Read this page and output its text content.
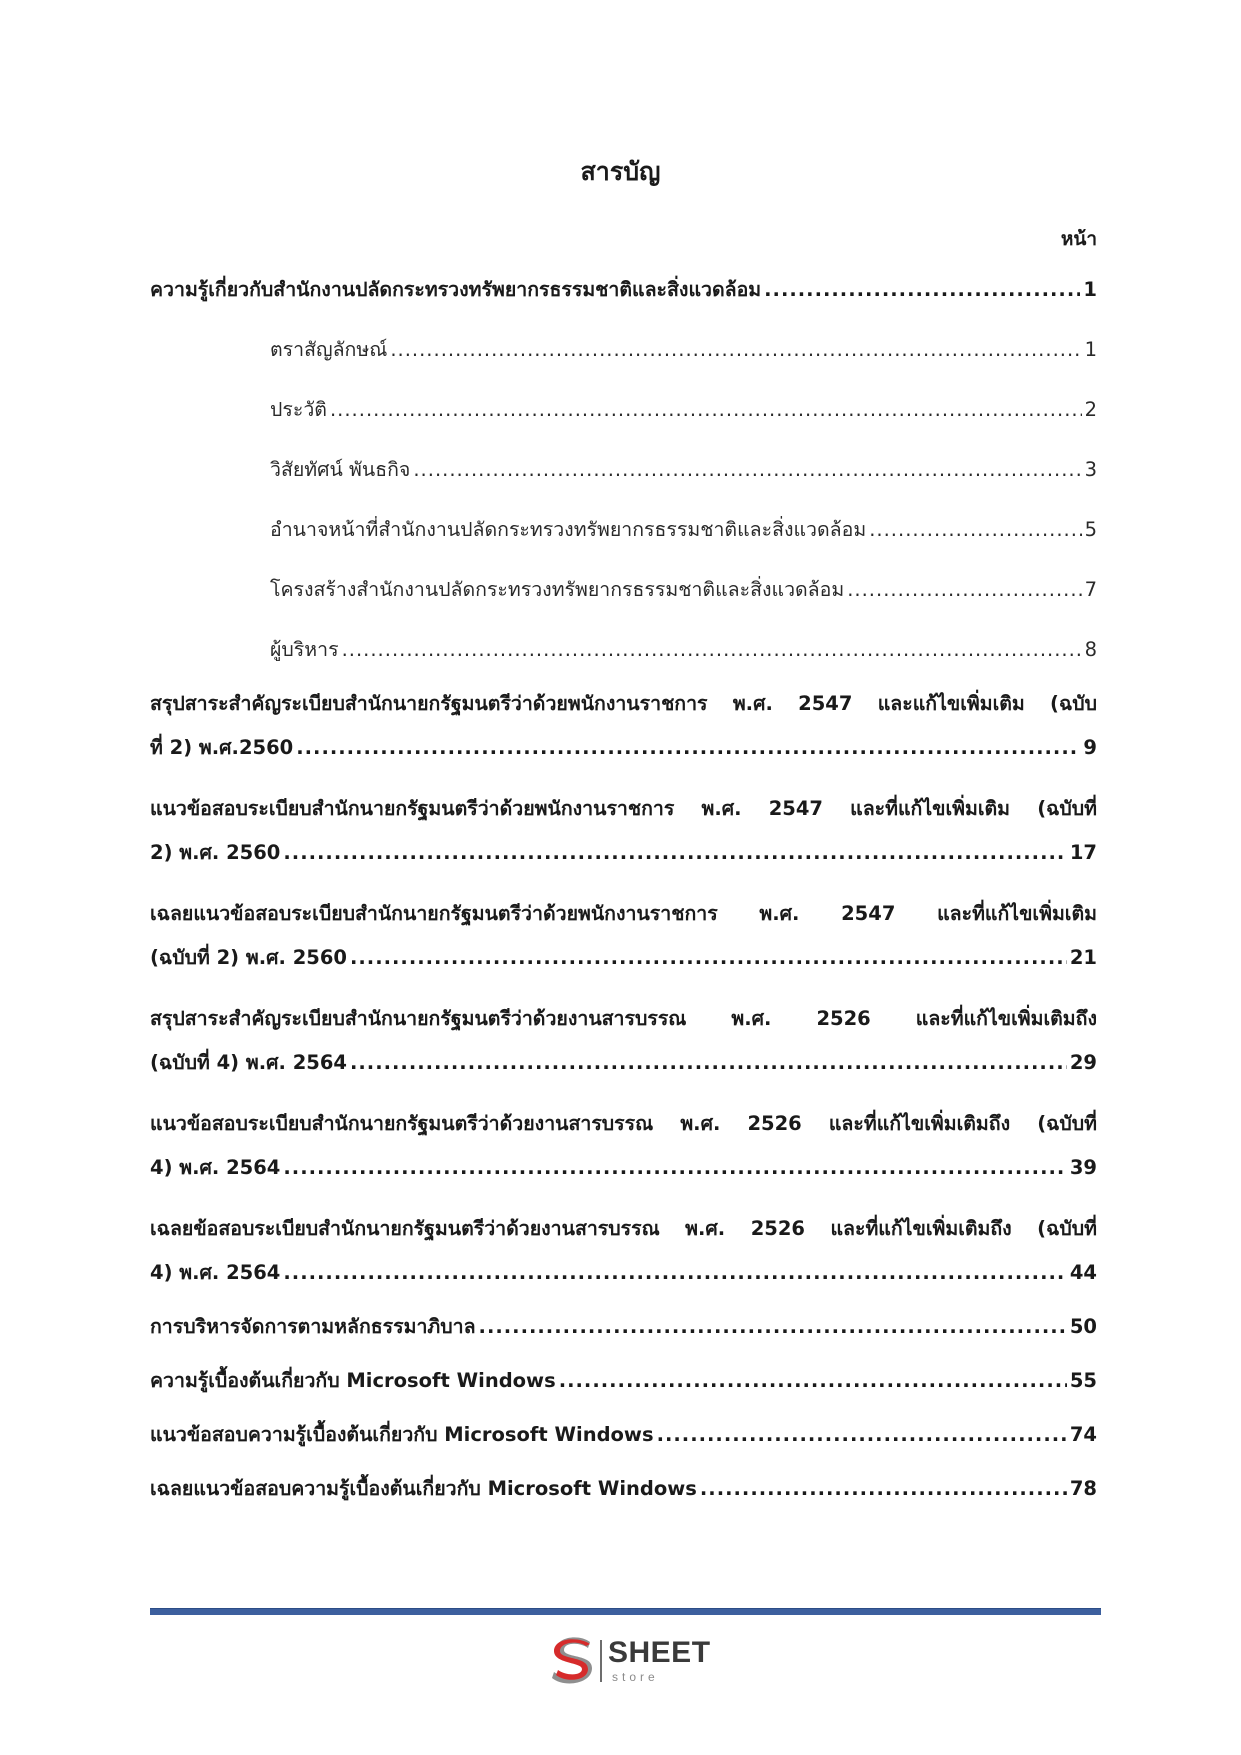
สารบัญ
หน้า
ความรู้เกี่ยวกับสำนักงานปลัดกระทรวงทรัพยากรธรรมชาติและสิ่งแวดล้อม .....	1
ตราสัญลักษณ์ .....	1
ประวัติ .....	2
วิสัยทัศน์ พันธกิจ .....	3
อำนาจหน้าที่สำนักงานปลัดกระทรวงทรัพยากรธรรมชาติและสิ่งแวดล้อม .....	5
โครงสร้างสำนักงานปลัดกระทรวงทรัพยากรธรรมชาติและสิ่งแวดล้อม .....	7
ผู้บริหาร .....	8
สรุปสาระสำคัญระเบียบสำนักนายกรัฐมนตรีว่าด้วยพนักงานราชการ พ.ศ. 2547 และแก้ไขเพิ่มเติม (ฉบับ
ที่ 2) พ.ศ.2560 .....	9
แนวข้อสอบระเบียบสำนักนายกรัฐมนตรีว่าด้วยพนักงานราชการ พ.ศ. 2547 และที่แก้ไขเพิ่มเติม (ฉบับที่
2) พ.ศ. 2560 .....	17
เฉลยแนวข้อสอบระเบียบสำนักนายกรัฐมนตรีว่าด้วยพนักงานราชการ พ.ศ. 2547 และที่แก้ไขเพิ่มเติม
(ฉบับที่ 2) พ.ศ. 2560 .....	21
สรุปสาระสำคัญระเบียบสำนักนายกรัฐมนตรีว่าด้วยงานสารบรรณ พ.ศ. 2526 และที่แก้ไขเพิ่มเติมถึง
(ฉบับที่ 4) พ.ศ. 2564 .....	29
แนวข้อสอบระเบียบสำนักนายกรัฐมนตรีว่าด้วยงานสารบรรณ พ.ศ. 2526 และที่แก้ไขเพิ่มเติมถึง (ฉบับที่
4) พ.ศ. 2564 .....	39
เฉลยข้อสอบระเบียบสำนักนายกรัฐมนตรีว่าด้วยงานสารบรรณ พ.ศ. 2526 และที่แก้ไขเพิ่มเติมถึง (ฉบับที่
4) พ.ศ. 2564 .....	44
การบริหารจัดการตามหลักธรรมาภิบาล .....	50
ความรู้เบื้องต้นเกี่ยวกับ Microsoft Windows .....	55
แนวข้อสอบความรู้เบื้องต้นเกี่ยวกับ Microsoft Windows .....	74
เฉลยแนวข้อสอบความรู้เบื้องต้นเกี่ยวกับ Microsoft Windows .....	78
SHEET
store
